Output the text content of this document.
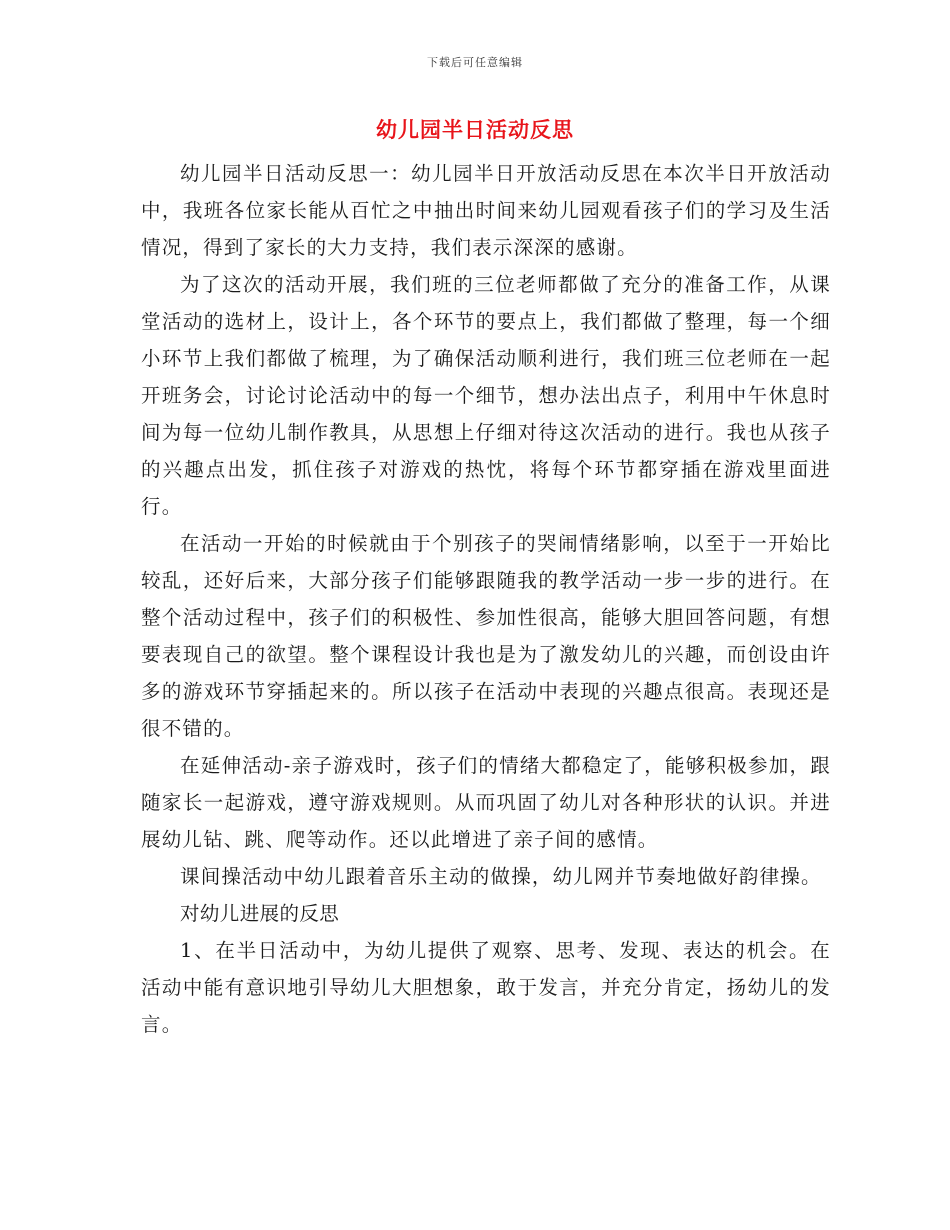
下载后可任意编辑
幼儿园半日活动反思

幼儿园半日活动反思一：幼儿园半日开放活动反思在本次半日开放活动中，我班各位家长能从百忙之中抽出时间来幼儿园观看孩子们的学习及生活情况，得到了家长的大力支持，我们表示深深的感谢。

为了这次的活动开展，我们班的三位老师都做了充分的准备工作，从课堂活动的选材上，设计上，各个环节的要点上，我们都做了整理，每一个细小环节上我们都做了梳理，为了确保活动顺利进行，我们班三位老师在一起开班务会，讨论讨论活动中的每一个细节，想办法出点子，利用中午休息时间为每一位幼儿制作教具，从思想上仔细对待这次活动的进行。我也从孩子的兴趣点出发，抓住孩子对游戏的热忱，将每个环节都穿插在游戏里面进行。

在活动一开始的时候就由于个别孩子的哭闹情绪影响，以至于一开始比较乱，还好后来，大部分孩子们能够跟随我的教学活动一步一步的进行。在整个活动过程中，孩子们的积极性、参加性很高，能够大胆回答问题，有想要表现自己的欲望。整个课程设计我也是为了激发幼儿的兴趣，而创设由许多的游戏环节穿插起来的。所以孩子在活动中表现的兴趣点很高。表现还是很不错的。

在延伸活动-亲子游戏时，孩子们的情绪大都稳定了，能够积极参加，跟随家长一起游戏，遵守游戏规则。从而巩固了幼儿对各种形状的认识。并进展幼儿钻、跳、爬等动作。还以此增进了亲子间的感情。

课间操活动中幼儿跟着音乐主动的做操，幼儿网并节奏地做好韵律操。

对幼儿进展的反思

1、在半日活动中，为幼儿提供了观察、思考、发现、表达的机会。在活动中能有意识地引导幼儿大胆想象，敢于发言，并充分肯定，扬幼儿的发言。
